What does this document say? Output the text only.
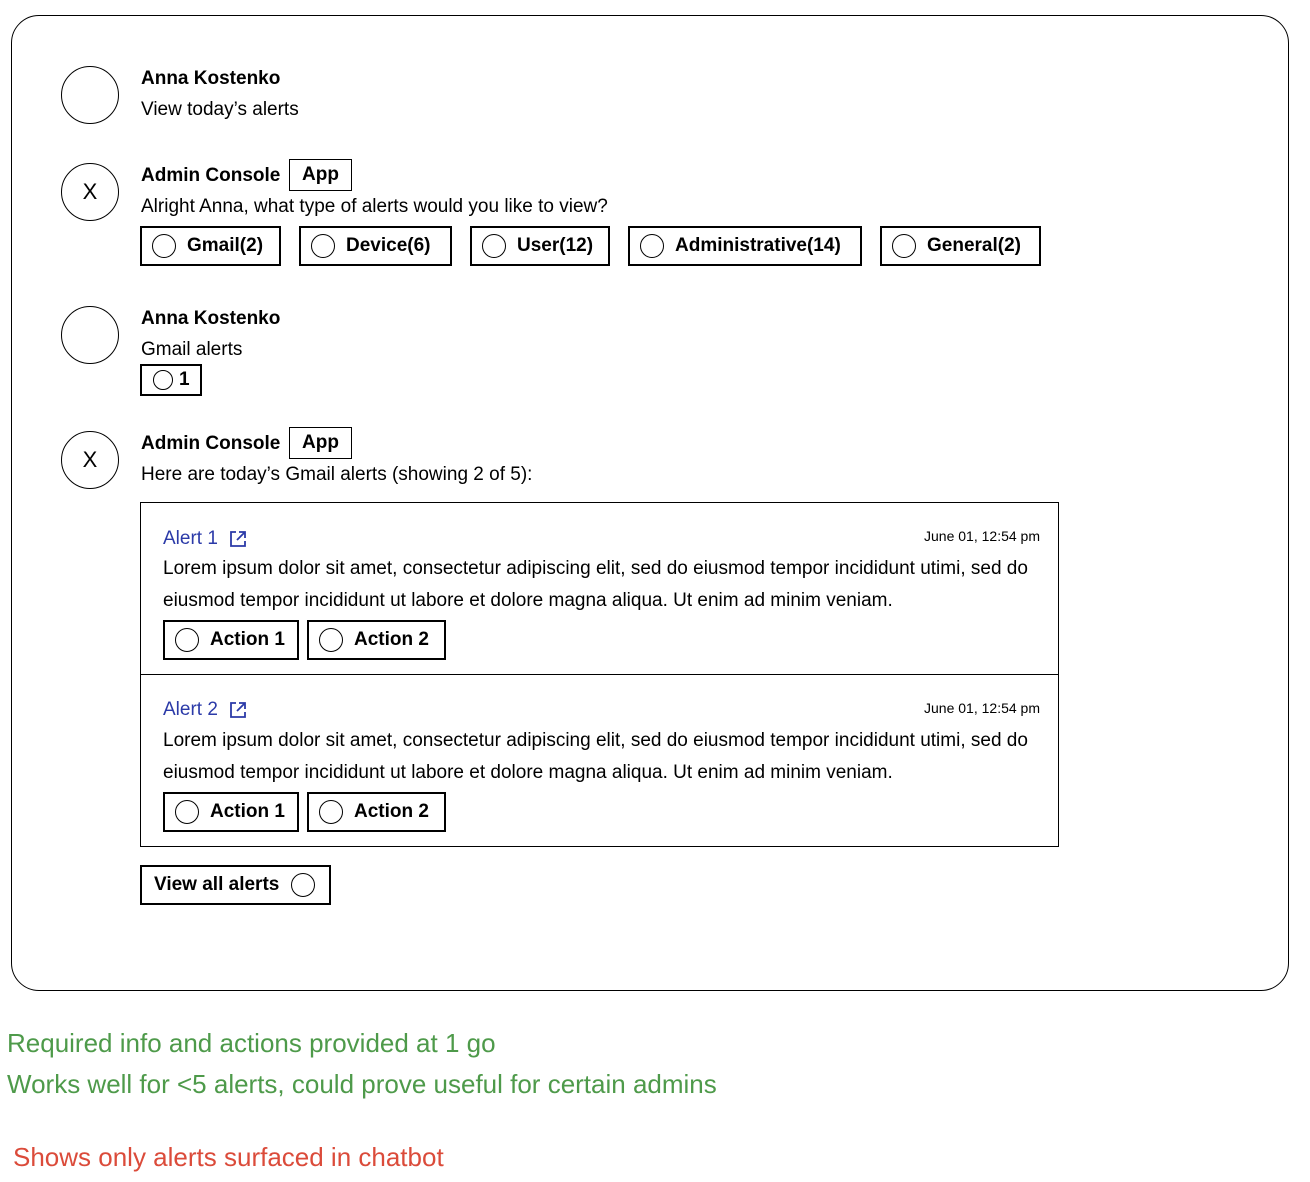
Anna Kostenko
View today’s alerts
X
Admin Console	App
Alright Anna, what type of alerts would you like to view?
Gmail(2)	Device(6)	User(12)	Administrative(14)	General(2)
Anna Kostenko
Gmail alerts
1
X
Admin Console	App
Here are today’s Gmail alerts (showing 2 of 5):
Alert 1	June 01, 12:54 pm
Lorem ipsum dolor sit amet, consectetur adipiscing elit, sed do eiusmod tempor incididunt utimi, sed do eiusmod tempor incididunt ut labore et dolore magna aliqua. Ut enim ad minim veniam.
Action 1	Action 2
Alert 2	June 01, 12:54 pm
Lorem ipsum dolor sit amet, consectetur adipiscing elit, sed do eiusmod tempor incididunt utimi, sed do eiusmod tempor incididunt ut labore et dolore magna aliqua. Ut enim ad minim veniam.
Action 1	Action 2
View all alerts
Required info and actions provided at 1 go
Works well for <5 alerts, could prove useful for certain admins
Shows only alerts surfaced in chatbot
